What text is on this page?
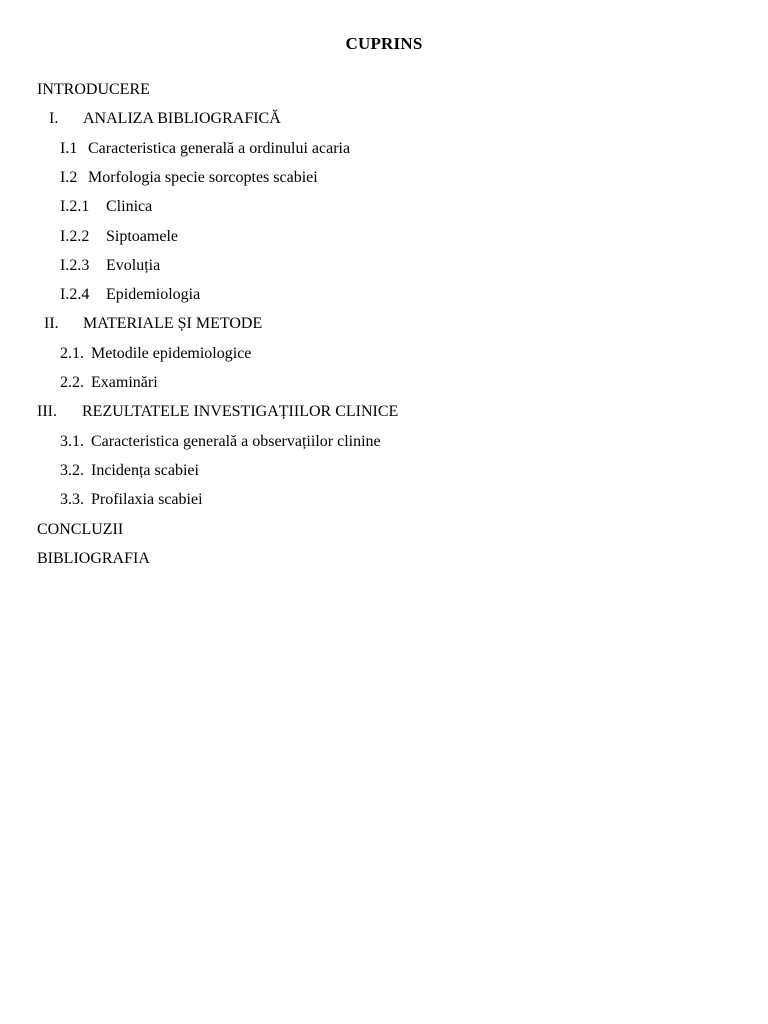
CUPRINS
INTRODUCERE
I. ANALIZA BIBLIOGRAFICĂ
I.1 Caracteristica generală a ordinului acaria
I.2 Morfologia specie sorcoptes scabiei
I.2.1 Clinica
I.2.2 Siptoamele
I.2.3 Evoluția
I.2.4 Epidemiologia
II. MATERIALE ȘI METODE
2.1. Metodile epidemiologice
2.2. Examinări
III. REZULTATELE INVESTIGAȚIILOR CLINICE
3.1. Caracteristica generală a observațiilor clinine
3.2. Incidența scabiei
3.3. Profilaxia scabiei
CONCLUZII
BIBLIOGRAFIA
